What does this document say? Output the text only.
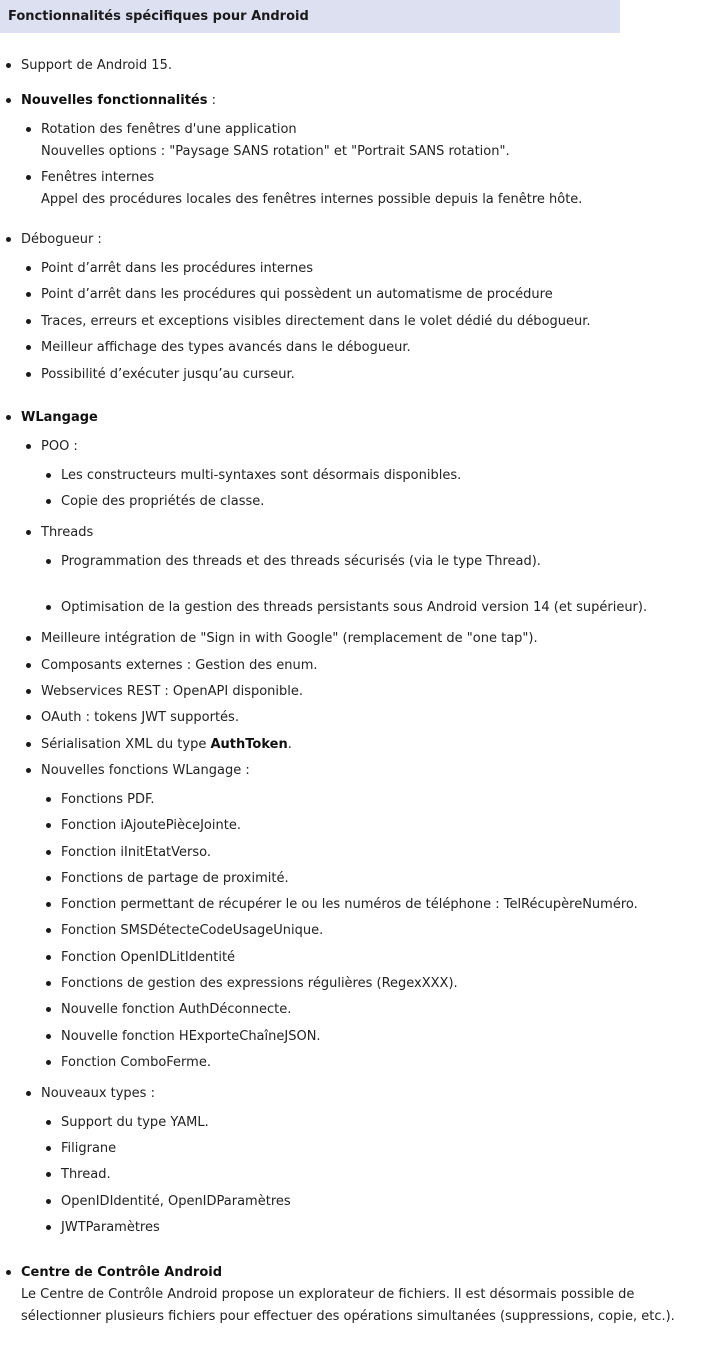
Fonctionnalités spécifiques pour Android
Support de Android 15.
Nouvelles fonctionnalités :
Rotation des fenêtres d'une application
Nouvelles options : "Paysage SANS rotation" et "Portrait SANS rotation".
Fenêtres internes
Appel des procédures locales des fenêtres internes possible depuis la fenêtre hôte.
Débogueur :
Point d’arrêt dans les procédures internes
Point d’arrêt dans les procédures qui possèdent un automatisme de procédure
Traces, erreurs et exceptions visibles directement dans le volet dédié du débogueur.
Meilleur affichage des types avancés dans le débogueur.
Possibilité d’exécuter jusqu’au curseur.
WLangage
POO :
Les constructeurs multi-syntaxes sont désormais disponibles.
Copie des propriétés de classe.
Threads
Programmation des threads et des threads sécurisés (via le type Thread).
Optimisation de la gestion des threads persistants sous Android version 14 (et supérieur).
Meilleure intégration de "Sign in with Google" (remplacement de "one tap").
Composants externes : Gestion des enum.
Webservices REST : OpenAPI disponible.
OAuth : tokens JWT supportés.
Sérialisation XML du type AuthToken.
Nouvelles fonctions WLangage :
Fonctions PDF.
Fonction iAjoutePièceJointe.
Fonction iInitEtatVerso.
Fonctions de partage de proximité.
Fonction permettant de récupérer le ou les numéros de téléphone : TelRécupèreNuméro.
Fonction SMSDétecteCodeUsageUnique.
Fonction OpenIDLitIdentité
Fonctions de gestion des expressions régulières (RegexXXX).
Nouvelle fonction AuthDéconnecte.
Nouvelle fonction HExporteChaîneJSON.
Fonction ComboFerme.
Nouveaux types :
Support du type YAML.
Filigrane
Thread.
OpenIDIdentité, OpenIDParamètres
JWTParamètres
Centre de Contrôle Android
Le Centre de Contrôle Android propose un explorateur de fichiers. Il est désormais possible de
sélectionner plusieurs fichiers pour effectuer des opérations simultanées (suppressions, copie, etc.).
